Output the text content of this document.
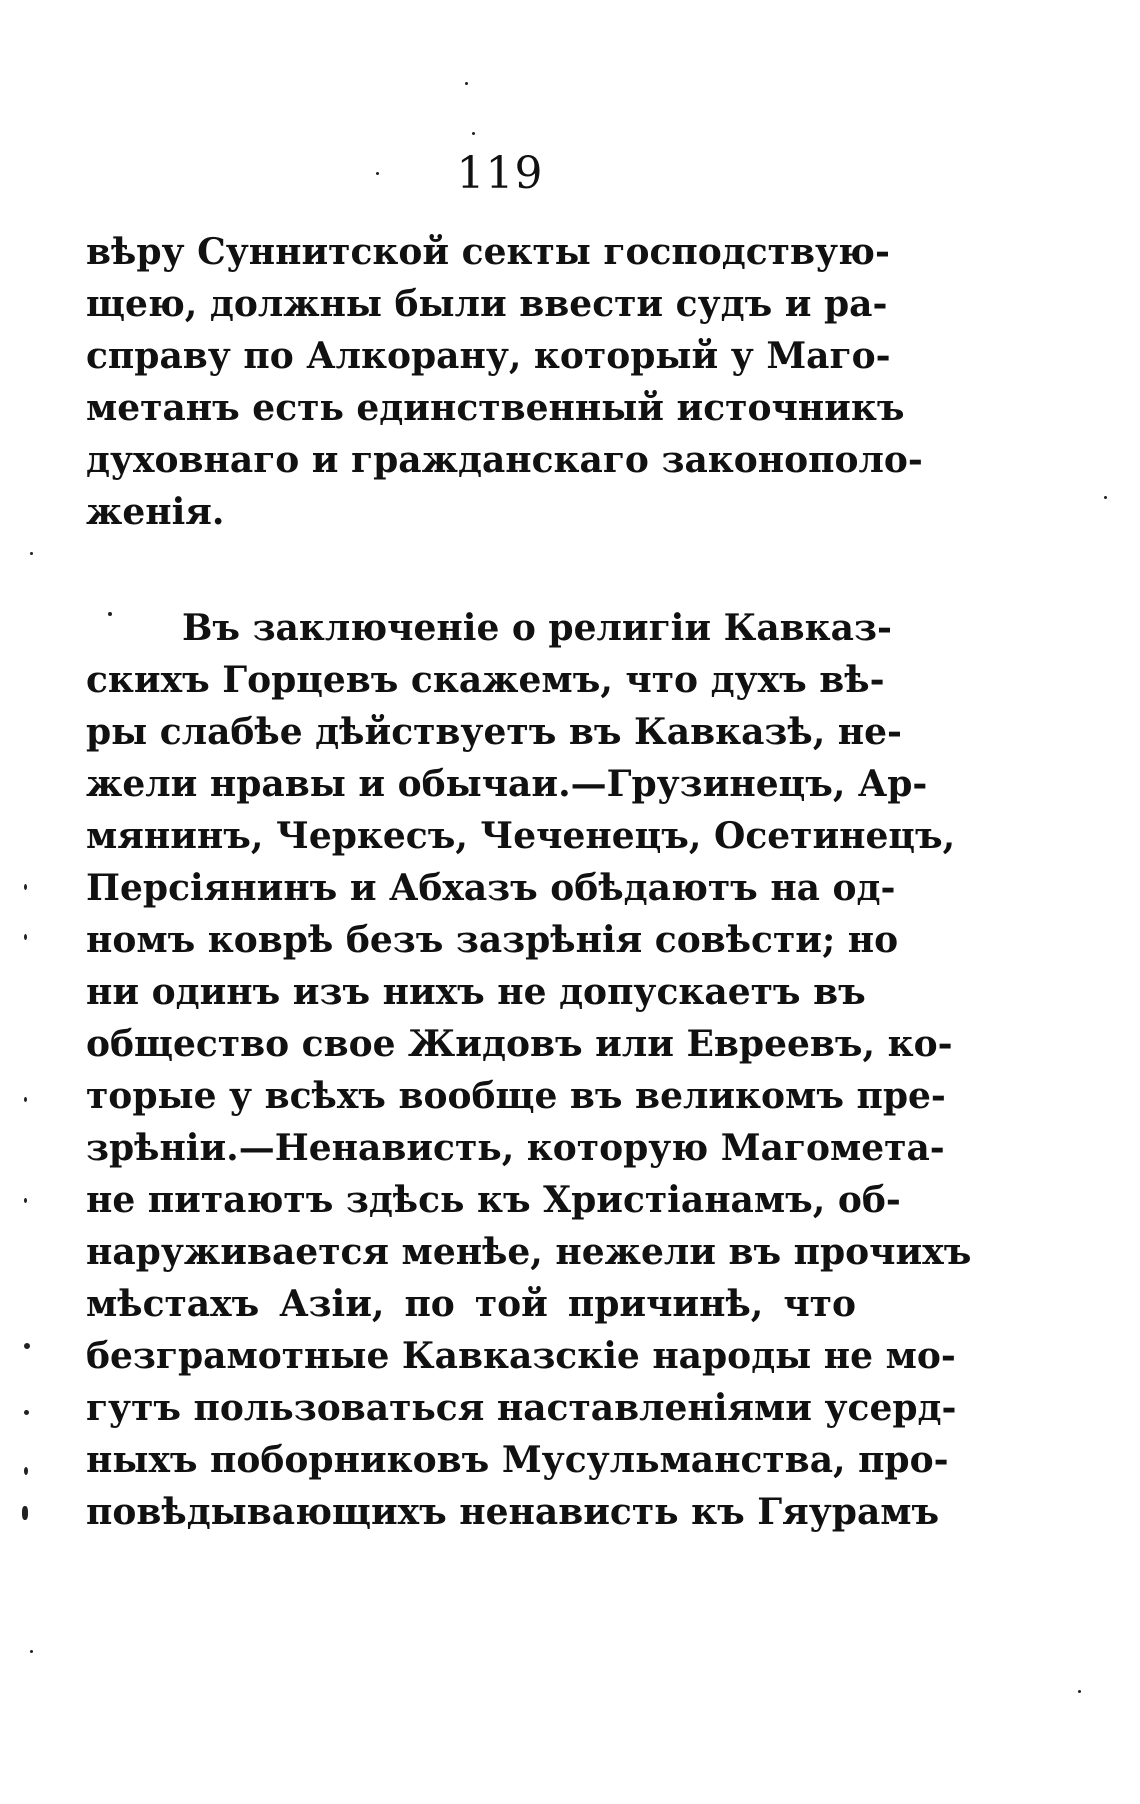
119
вѣру Суннитской секты господствую-
щею, должны были ввести судъ и ра-
справу по Алкорану, который у Маго-
метанъ есть единственный источникъ
духовнаго и гражданскаго законополо-
женія.
Въ заключеніе о религіи Кавказ-
скихъ Горцевъ скажемъ, что духъ вѣ-
ры слабѣе дѣйствуетъ въ Кавказѣ, не-
жели нравы и обычаи.—Грузинецъ, Ар-
мянинъ, Черкесъ, Чеченецъ, Осетинецъ,
Персіянинъ и Абхазъ обѣдаютъ на од-
номъ коврѣ безъ зазрѣнія совѣсти; но
ни одинъ изъ нихъ не допускаетъ въ
общество свое Жидовъ или Евреевъ, ко-
торые у всѣхъ вообще въ великомъ пре-
зрѣніи.—Ненависть, которую Магомета-
не питаютъ здѣсь къ Христіанамъ, об-
наруживается менѣе, нежели въ прочихъ
мѣстахъ Азіи, по той причинѣ, что
безграмотные Кавказскіе народы не мо-
гутъ пользоваться наставленіями усерд-
ныхъ поборниковъ Мусульманства, про-
повѣдывающихъ ненависть къ Гяурамъ
